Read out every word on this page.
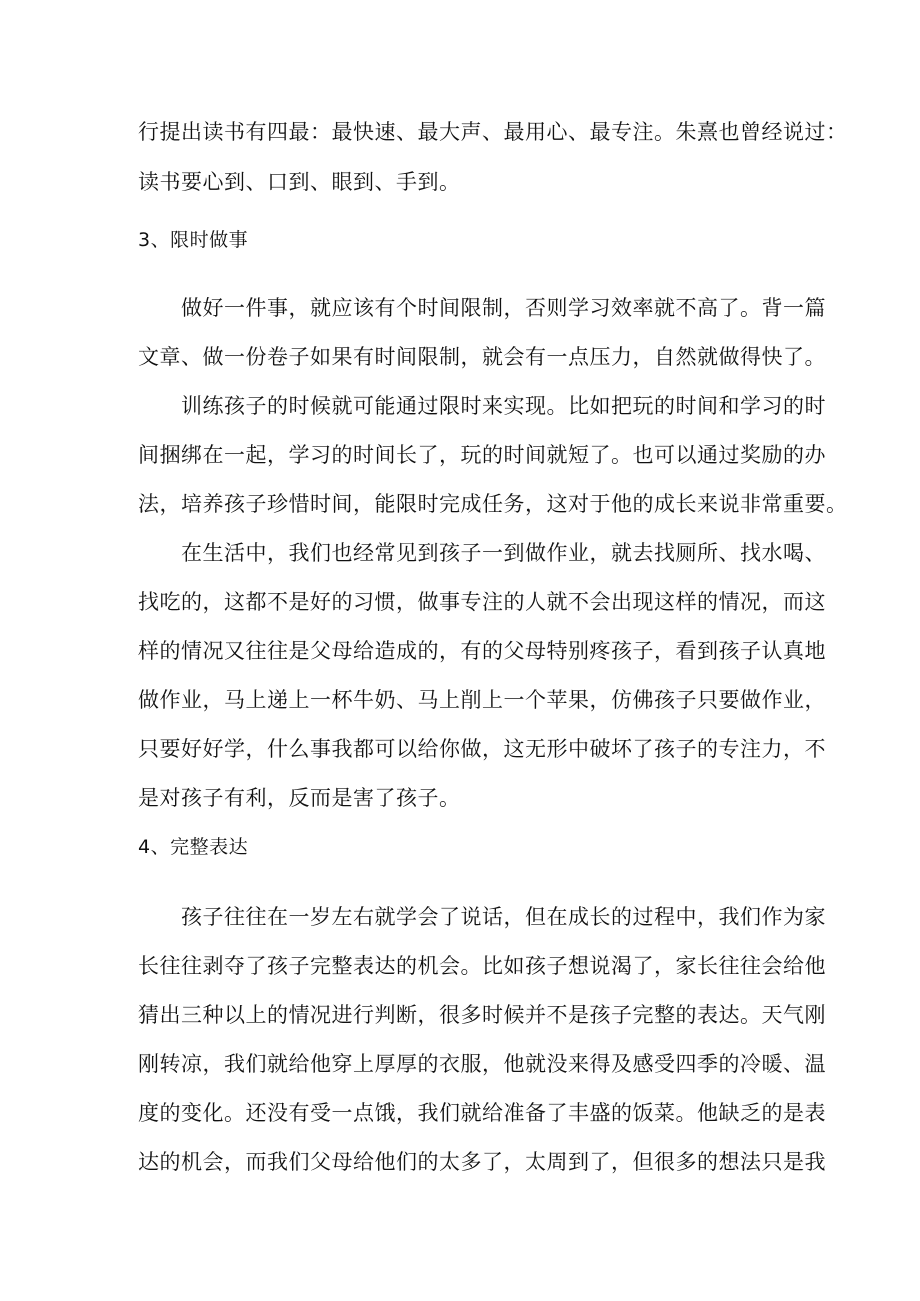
行提出读书有四最：最快速、最大声、最用心、最专注。朱熹也曾经说过：
读书要心到、口到、眼到、手到。
3、限时做事
做好一件事，就应该有个时间限制，否则学习效率就不高了。背一篇
文章、做一份卷子如果有时间限制，就会有一点压力，自然就做得快了。
训练孩子的时候就可能通过限时来实现。比如把玩的时间和学习的时
间捆绑在一起，学习的时间长了，玩的时间就短了。也可以通过奖励的办
法，培养孩子珍惜时间，能限时完成任务，这对于他的成长来说非常重要。
在生活中，我们也经常见到孩子一到做作业，就去找厕所、找水喝、
找吃的，这都不是好的习惯，做事专注的人就不会出现这样的情况，而这
样的情况又往往是父母给造成的，有的父母特别疼孩子，看到孩子认真地
做作业，马上递上一杯牛奶、马上削上一个苹果，仿佛孩子只要做作业，
只要好好学，什么事我都可以给你做，这无形中破坏了孩子的专注力，不
是对孩子有利，反而是害了孩子。
4、完整表达
孩子往往在一岁左右就学会了说话，但在成长的过程中，我们作为家
长往往剥夺了孩子完整表达的机会。比如孩子想说渴了，家长往往会给他
猜出三种以上的情况进行判断，很多时候并不是孩子完整的表达。天气刚
刚转凉，我们就给他穿上厚厚的衣服，他就没来得及感受四季的冷暖、温
度的变化。还没有受一点饿，我们就给准备了丰盛的饭菜。他缺乏的是表
达的机会，而我们父母给他们的太多了，太周到了，但很多的想法只是我
